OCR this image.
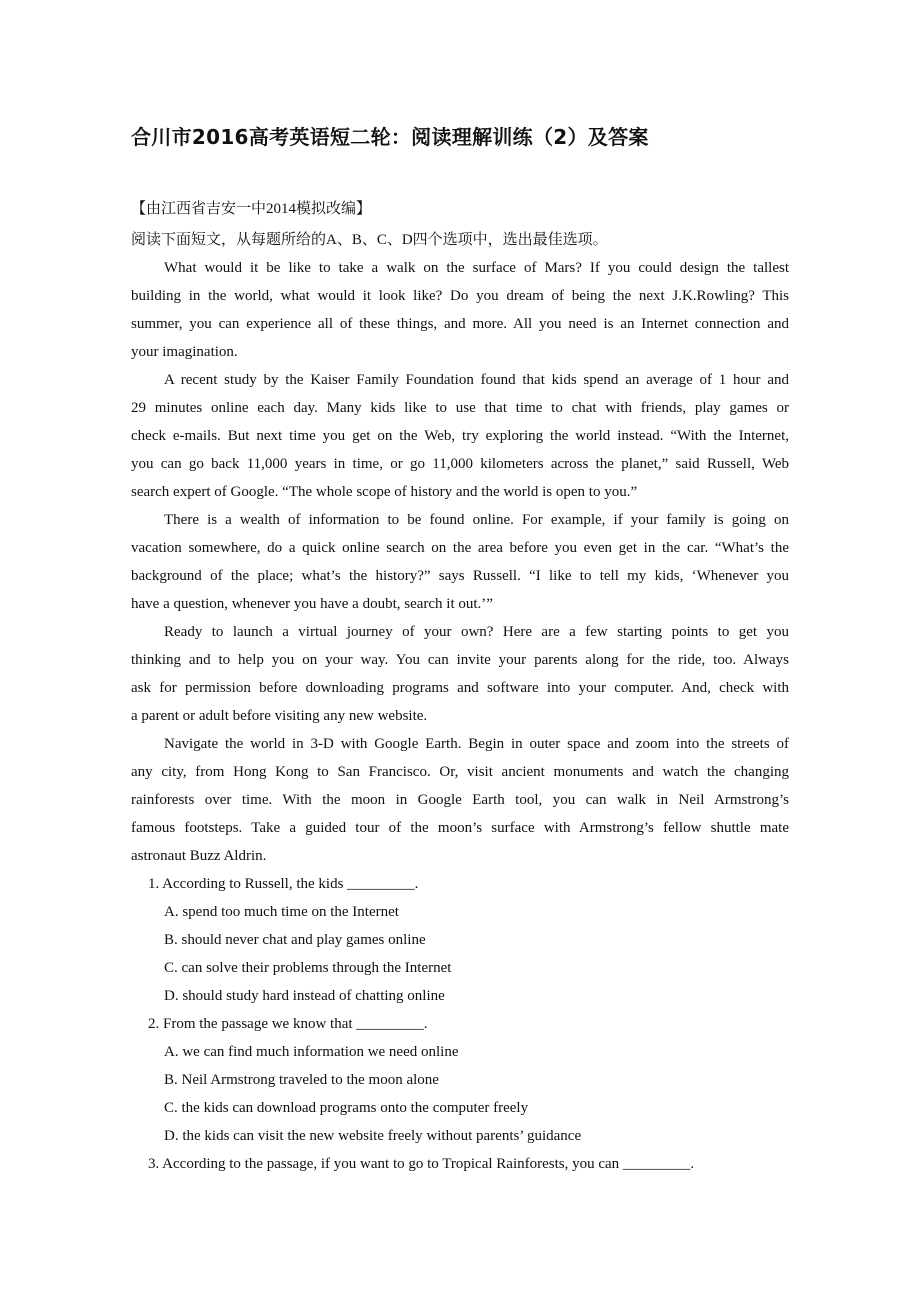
合川市2016高考英语短二轮：阅读理解训练（2）及答案
【由江西省吉安一中2014模拟改编】
阅读下面短文，从每题所给的A、B、C、D四个选项中，选出最佳选项。
What would it be like to take a walk on the surface of Mars? If you could design the tallest
building in the world, what would it look like? Do you dream of being the next J.K.Rowling? This
summer, you can experience all of these things, and more. All you need is an Internet connection and
your imagination.
A recent study by the Kaiser Family Foundation found that kids spend an average of 1 hour and
29 minutes online each day. Many kids like to use that time to chat with friends, play games or
check e-mails. But next time you get on the Web, try exploring the world instead. “With the Internet,
you can go back 11,000 years in time, or go 11,000 kilometers across the planet,” said Russell, Web
search expert of Google. “The whole scope of history and the world is open to you.”
There is a wealth of information to be found online. For example, if your family is going on
vacation somewhere, do a quick online search on the area before you even get in the car. “What’s the
background of the place; what’s the history?” says Russell. “I like to tell my kids, ‘Whenever you
have a question, whenever you have a doubt, search it out.’”
Ready to launch a virtual journey of your own? Here are a few starting points to get you
thinking and to help you on your way. You can invite your parents along for the ride, too. Always
ask for permission before downloading programs and software into your computer. And, check with
a parent or adult before visiting any new website.
Navigate the world in 3-D with Google Earth. Begin in outer space and zoom into the streets of
any city, from Hong Kong to San Francisco. Or, visit ancient monuments and watch the changing
rainforests over time. With the moon in Google Earth tool, you can walk in Neil Armstrong’s
famous footsteps. Take a guided tour of the moon’s surface with Armstrong’s fellow shuttle mate
astronaut Buzz Aldrin.
1. According to Russell, the kids _________.
A. spend too much time on the Internet
B. should never chat and play games online
C. can solve their problems through the Internet
D. should study hard instead of chatting online
2. From the passage we know that _________.
A. we can find much information we need online
B. Neil Armstrong traveled to the moon alone
C. the kids can download programs onto the computer freely
D. the kids can visit the new website freely without parents’ guidance
3. According to the passage, if you want to go to Tropical Rainforests, you can _________.
